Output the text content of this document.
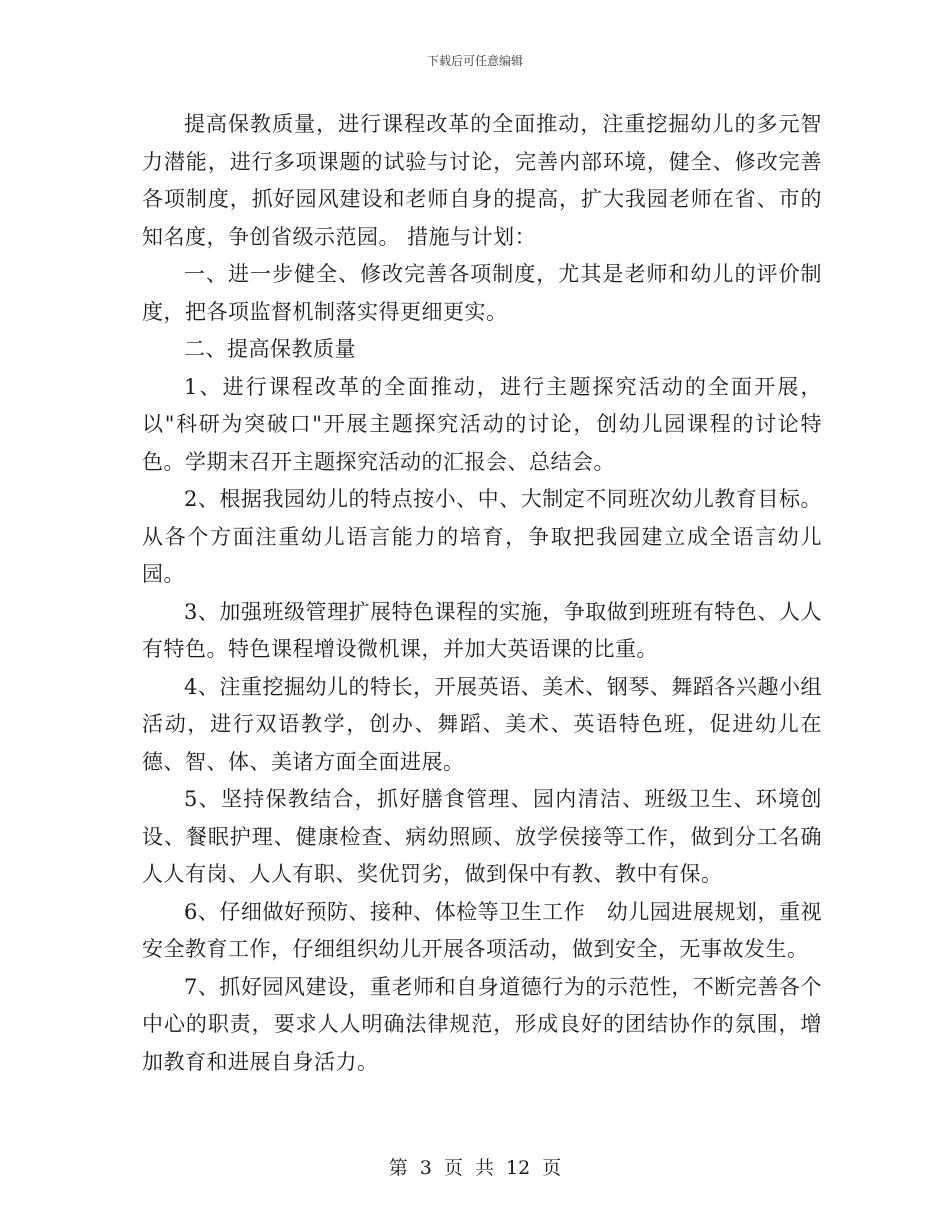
下载后可任意编辑

提高保教质量，进行课程改革的全面推动，注重挖掘幼儿的多元智力潜能，进行多项课题的试验与讨论，完善内部环境，健全、修改完善各项制度，抓好园风建设和老师自身的提高，扩大我园老师在省、市的知名度，争创省级示范园。 措施与计划：

一、进一步健全、修改完善各项制度，尤其是老师和幼儿的评价制度，把各项监督机制落实得更细更实。

二、提高保教质量

1、进行课程改革的全面推动，进行主题探究活动的全面开展，以"科研为突破口"开展主题探究活动的讨论，创幼儿园课程的讨论特色。学期末召开主题探究活动的汇报会、总结会。

2、根据我园幼儿的特点按小、中、大制定不同班次幼儿教育目标。从各个方面注重幼儿语言能力的培育，争取把我园建立成全语言幼儿园。

3、加强班级管理扩展特色课程的实施，争取做到班班有特色、人人有特色。特色课程增设微机课，并加大英语课的比重。

4、注重挖掘幼儿的特长，开展英语、美术、钢琴、舞蹈各兴趣小组活动，进行双语教学，创办、舞蹈、美术、英语特色班，促进幼儿在德、智、体、美诸方面全面进展。

5、坚持保教结合，抓好膳食管理、园内清洁、班级卫生、环境创设、餐眠护理、健康检查、病幼照顾、放学侯接等工作，做到分工名确人人有岗、人人有职、奖优罚劣，做到保中有教、教中有保。

6、仔细做好预防、接种、体检等卫生工作　幼儿园进展规划，重视安全教育工作，仔细组织幼儿开展各项活动，做到安全，无事故发生。

7、抓好园风建设，重老师和自身道德行为的示范性，不断完善各个中心的职责，要求人人明确法律规范，形成良好的团结协作的氛围，增加教育和进展自身活力。

第 3 页 共 12 页
